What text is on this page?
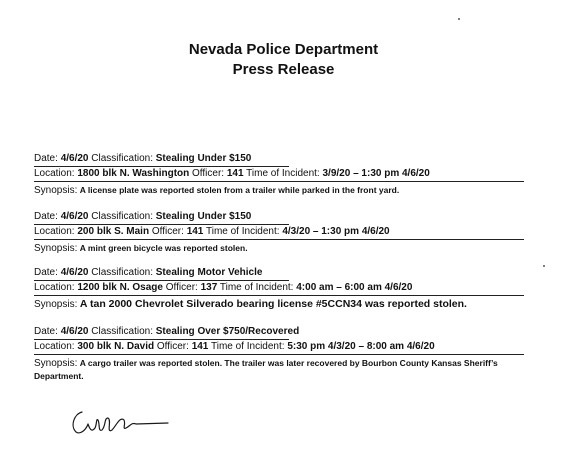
Nevada Police Department
Press Release
Date: 4/6/20 Classification: Stealing Under $150
Location: 1800 blk N. Washington Officer: 141 Time of Incident: 3/9/20 – 1:30 pm 4/6/20
Synopsis: A license plate was reported stolen from a trailer while parked in the front yard.
Date: 4/6/20 Classification: Stealing Under $150
Location: 200 blk S. Main Officer: 141 Time of Incident: 4/3/20 – 1:30 pm 4/6/20
Synopsis: A mint green bicycle was reported stolen.
Date: 4/6/20 Classification: Stealing Motor Vehicle
Location: 1200 blk N. Osage Officer: 137 Time of Incident: 4:00 am – 6:00 am 4/6/20
Synopsis: A tan 2000 Chevrolet Silverado bearing license #5CCN34 was reported stolen.
Date: 4/6/20 Classification: Stealing Over $750/Recovered
Location: 300 blk N. David Officer: 141 Time of Incident: 5:30 pm 4/3/20 – 8:00 am 4/6/20
Synopsis: A cargo trailer was reported stolen. The trailer was later recovered by Bourbon County Kansas Sheriff’s Department.
